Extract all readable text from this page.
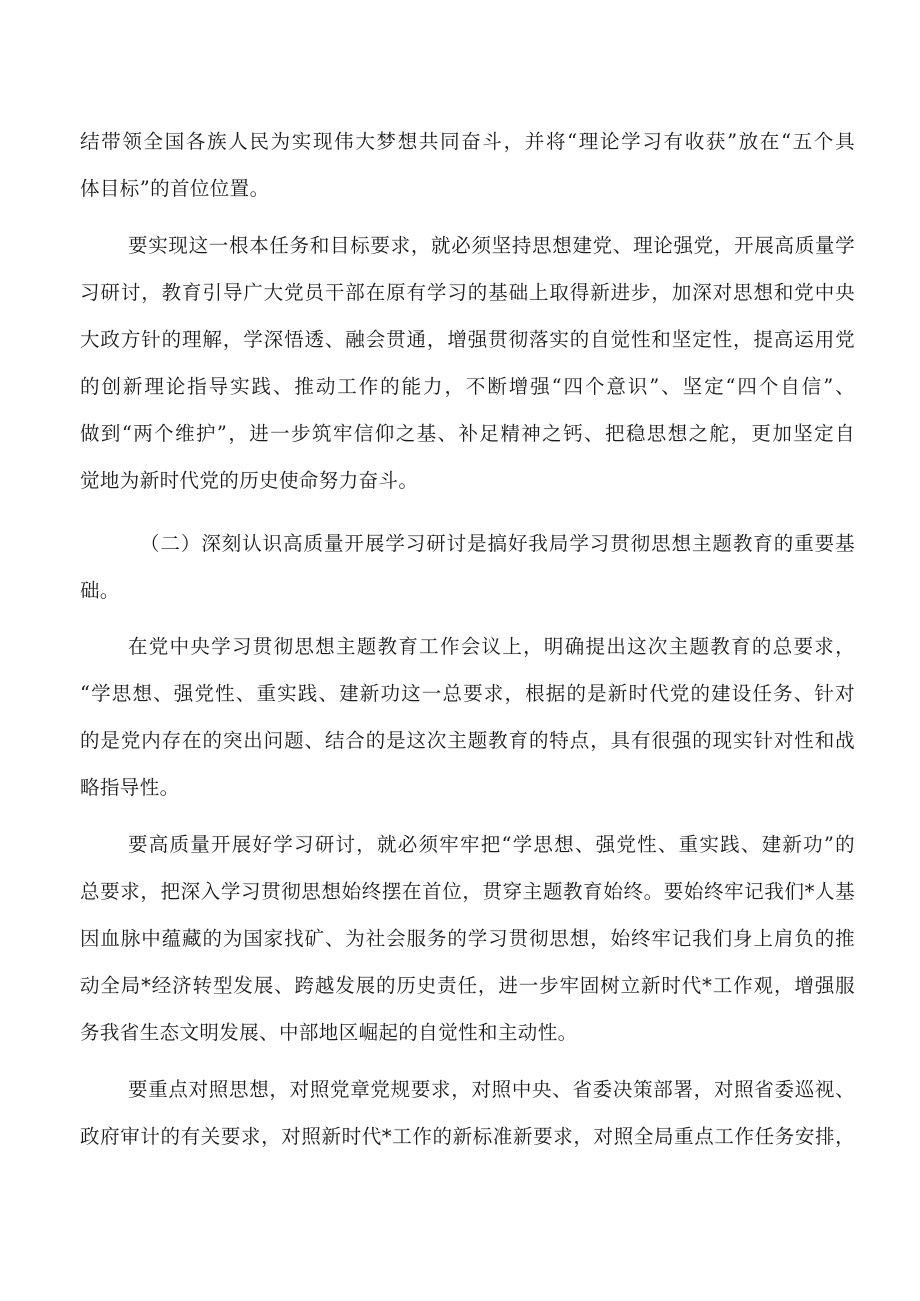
结带领全国各族人民为实现伟大梦想共同奋斗，并将“理论学习有收获”放在“五个具
体目标”的首位位置。
要实现这一根本任务和目标要求，就必须坚持思想建党、理论强党，开展高质量学
习研讨，教育引导广大党员干部在原有学习的基础上取得新进步，加深对思想和党中央
大政方针的理解，学深悟透、融会贯通，增强贯彻落实的自觉性和坚定性，提高运用党
的创新理论指导实践、推动工作的能力，不断增强“四个意识”、坚定“四个自信”、
做到“两个维护”，进一步筑牢信仰之基、补足精神之钙、把稳思想之舵，更加坚定自
觉地为新时代党的历史使命努力奋斗。
（二）深刻认识高质量开展学习研讨是搞好我局学习贯彻思想主题教育的重要基
础。
在党中央学习贯彻思想主题教育工作会议上，明确提出这次主题教育的总要求，
“学思想、强党性、重实践、建新功这一总要求，根据的是新时代党的建设任务、针对
的是党内存在的突出问题、结合的是这次主题教育的特点，具有很强的现实针对性和战
略指导性。
要高质量开展好学习研讨，就必须牢牢把“学思想、强党性、重实践、建新功”的
总要求，把深入学习贯彻思想始终摆在首位，贯穿主题教育始终。要始终牢记我们*人基
因血脉中蕴藏的为国家找矿、为社会服务的学习贯彻思想，始终牢记我们身上肩负的推
动全局*经济转型发展、跨越发展的历史责任，进一步牢固树立新时代*工作观，增强服
务我省生态文明发展、中部地区崛起的自觉性和主动性。
要重点对照思想，对照党章党规要求，对照中央、省委决策部署，对照省委巡视、
政府审计的有关要求，对照新时代*工作的新标准新要求，对照全局重点工作任务安排，
